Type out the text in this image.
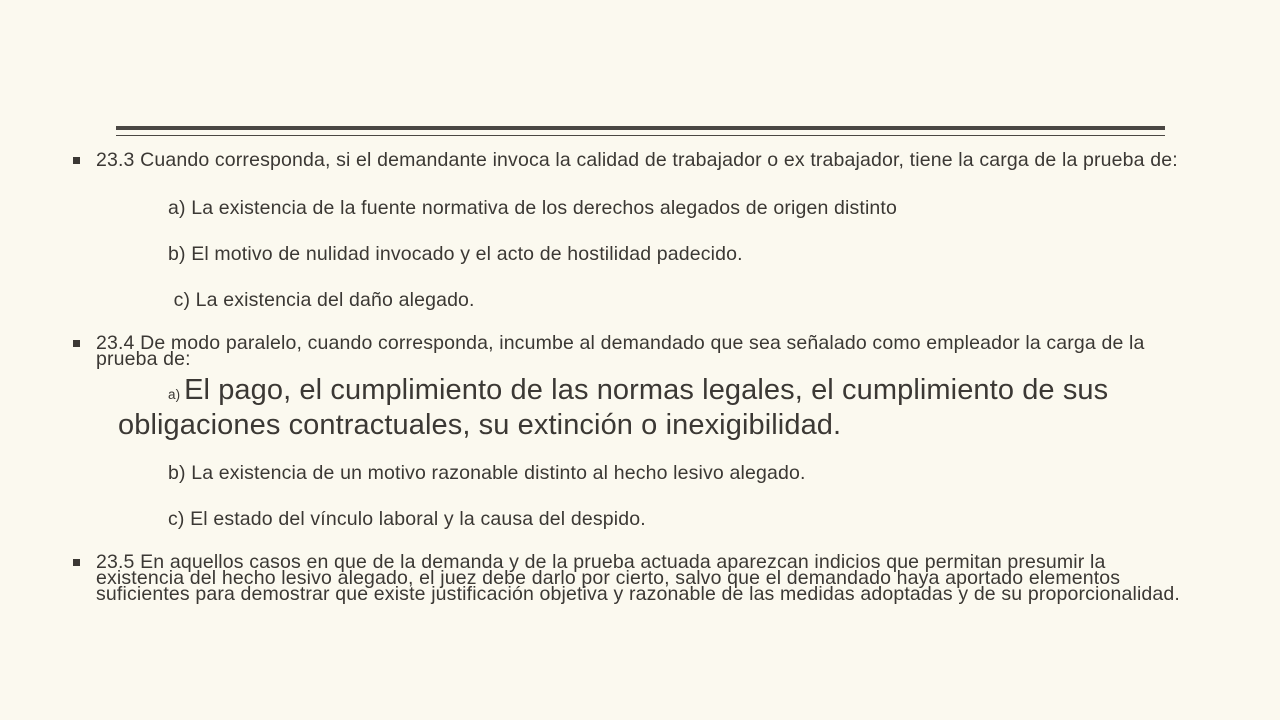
23.3 Cuando corresponda, si el demandante invoca la calidad de trabajador o ex trabajador, tiene la carga de la prueba de:
a) La existencia de la fuente normativa de los derechos alegados de origen distinto
b) El motivo de nulidad invocado y el acto de hostilidad padecido.
c) La existencia del daño alegado.
23.4 De modo paralelo, cuando corresponda, incumbe al demandado que sea señalado como empleador la carga de la prueba de:
a) El pago, el cumplimiento de las normas legales, el cumplimiento de sus obligaciones contractuales, su extinción o inexigibilidad.
b) La existencia de un motivo razonable distinto al hecho lesivo alegado.
c) El estado del vínculo laboral y la causa del despido.
23.5 En aquellos casos en que de la demanda y de la prueba actuada aparezcan indicios que permitan presumir la existencia del hecho lesivo alegado, el juez debe darlo por cierto, salvo que el demandado haya aportado elementos suficientes para demostrar que existe justificación objetiva y razonable de las medidas adoptadas y de su proporcionalidad.
